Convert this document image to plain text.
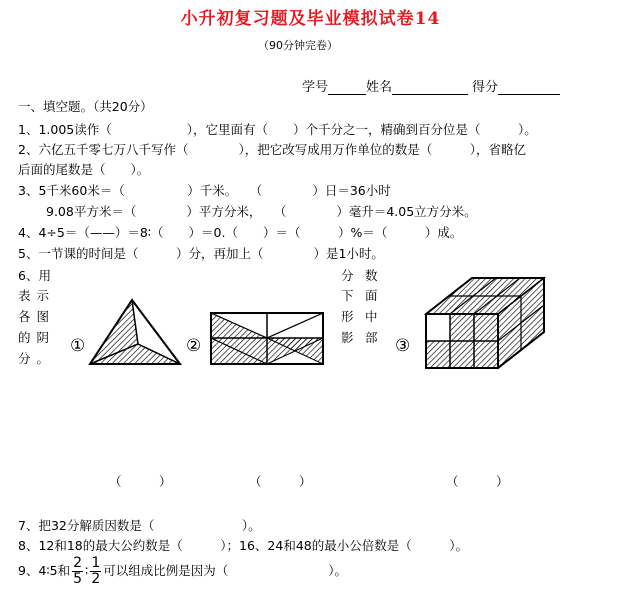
小升初复习题及毕业模拟试卷14
（90分钟完卷）
学号	姓名	得分
一、填空题。（共20分）
1、1.005读作（　　　　　　），它里面有（　　）个千分之一，精确到百分位是（　　　）。
2、六亿五千零七万八千写作（　　　　），把它改写成用万作单位的数是（　　　），省略亿
后面的尾数是（　　）。
3、5千米60米＝（　　　　　）千米。　　（　　　　）日＝36小时
9.08平方米＝（　　　　）平方分米，　　（　　　　）毫升＝4.05立方分米。
4、4÷5＝（——）＝8∶（　　）＝0.（　　）＝（　　　）%＝（　　　）成。
5、一节课的时间是（　　　）分，再加上（　　　　）是1小时。
6、用
表示
各图
的阴
分。
分
下
形
影
数
面
中
部
①	②	③
（　　　）	（　　　）	（　　　）
7、把32分解质因数是（　　　　　　　）。
8、12和18的最大公约数是（　　　）；16、24和48的最小公倍数是（　　　）。
9、4∶5和 $\frac{2}{5}$ ∶ $\frac{1}{2}$ 可以组成比例是因为（　　　　　　　　）。
